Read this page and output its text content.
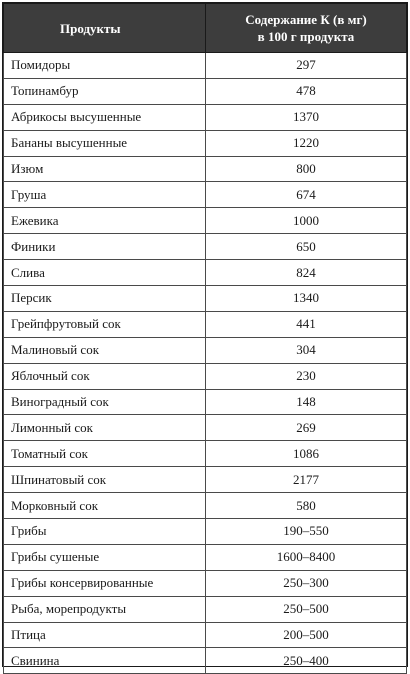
Продукты	Содержание К (в мг)
в 100 г продукта

Помидоры	297
Топинамбур	478
Абрикосы высушенные	1370
Бананы высушенные	1220
Изюм	800
Груша	674
Ежевика	1000
Финики	650
Слива	824
Персик	1340
Грейпфрутовый сок	441
Малиновый сок	304
Яблочный сок	230
Виноградный сок	148
Лимонный сок	269
Томатный сок	1086
Шпинатовый сок	2177
Морковный сок	580
Грибы	190–550
Грибы сушеные	1600–8400
Грибы консервированные	250–300
Рыба, морепродукты	250–500
Птица	200–500
Свинина	250–400
